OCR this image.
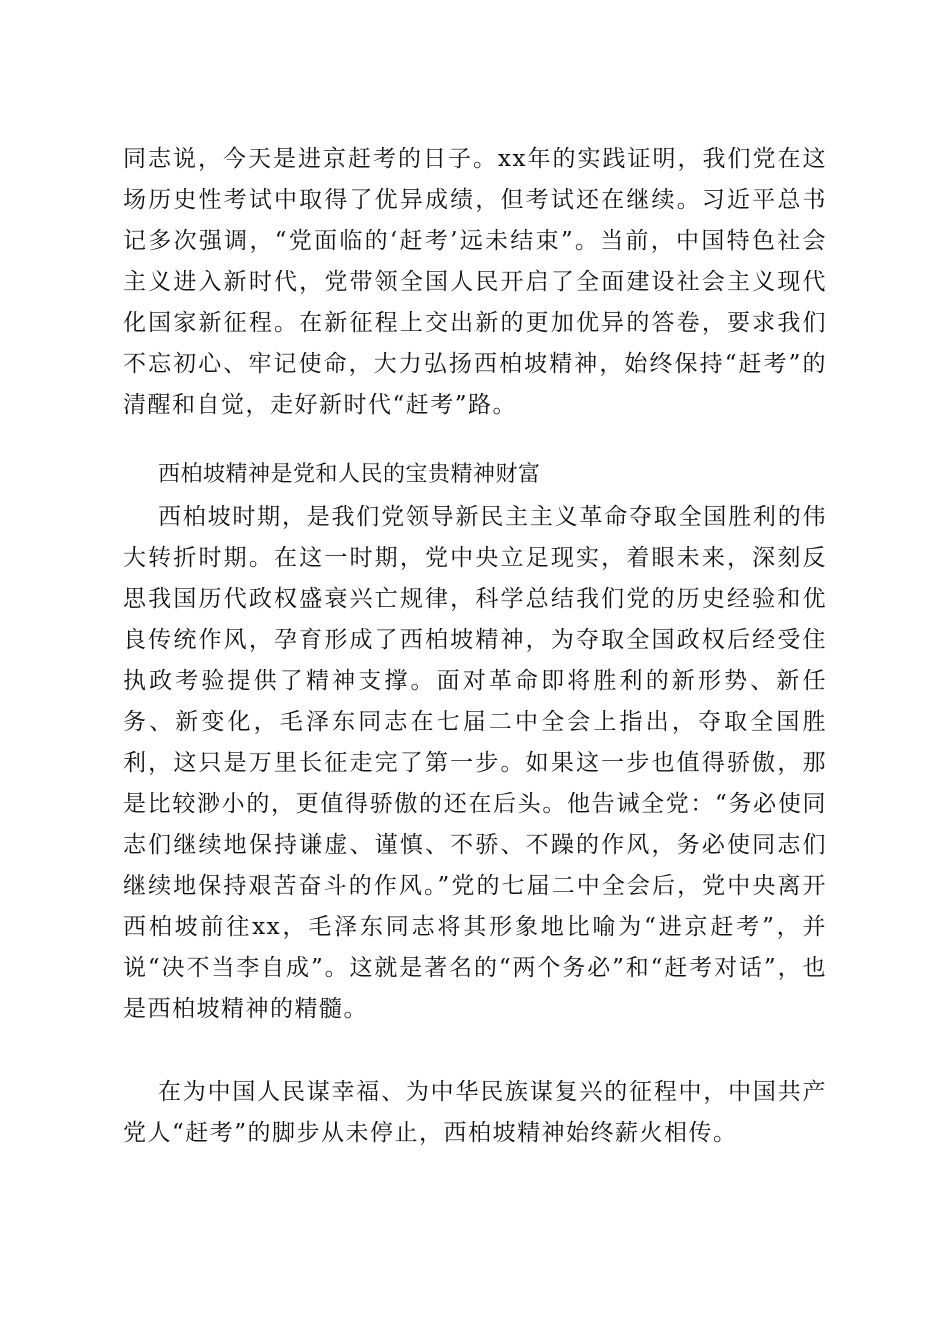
同志说，今天是进京赶考的日子。xx年的实践证明，我们党在这场历史性考试中取得了优异成绩，但考试还在继续。习近平总书记多次强调，“党面临的‘赶考’远未结束”。当前，中国特色社会主义进入新时代，党带领全国人民开启了全面建设社会主义现代化国家新征程。在新征程上交出新的更加优异的答卷，要求我们不忘初心、牢记使命，大力弘扬西柏坡精神，始终保持“赶考”的清醒和自觉，走好新时代“赶考”路。

西柏坡精神是党和人民的宝贵精神财富

西柏坡时期，是我们党领导新民主主义革命夺取全国胜利的伟大转折时期。在这一时期，党中央立足现实，着眼未来，深刻反思我国历代政权盛衰兴亡规律，科学总结我们党的历史经验和优良传统作风，孕育形成了西柏坡精神，为夺取全国政权后经受住执政考验提供了精神支撑。面对革命即将胜利的新形势、新任务、新变化，毛泽东同志在七届二中全会上指出，夺取全国胜利，这只是万里长征走完了第一步。如果这一步也值得骄傲，那是比较渺小的，更值得骄傲的还在后头。他告诫全党：“务必使同志们继续地保持谦虚、谨慎、不骄、不躁的作风，务必使同志们继续地保持艰苦奋斗的作风。”党的七届二中全会后，党中央离开西柏坡前往xx，毛泽东同志将其形象地比喻为“进京赶考”，并说“决不当李自成”。这就是著名的“两个务必”和“赶考对话”，也是西柏坡精神的精髓。

在为中国人民谋幸福、为中华民族谋复兴的征程中，中国共产党人“赶考”的脚步从未停止，西柏坡精神始终薪火相传。
